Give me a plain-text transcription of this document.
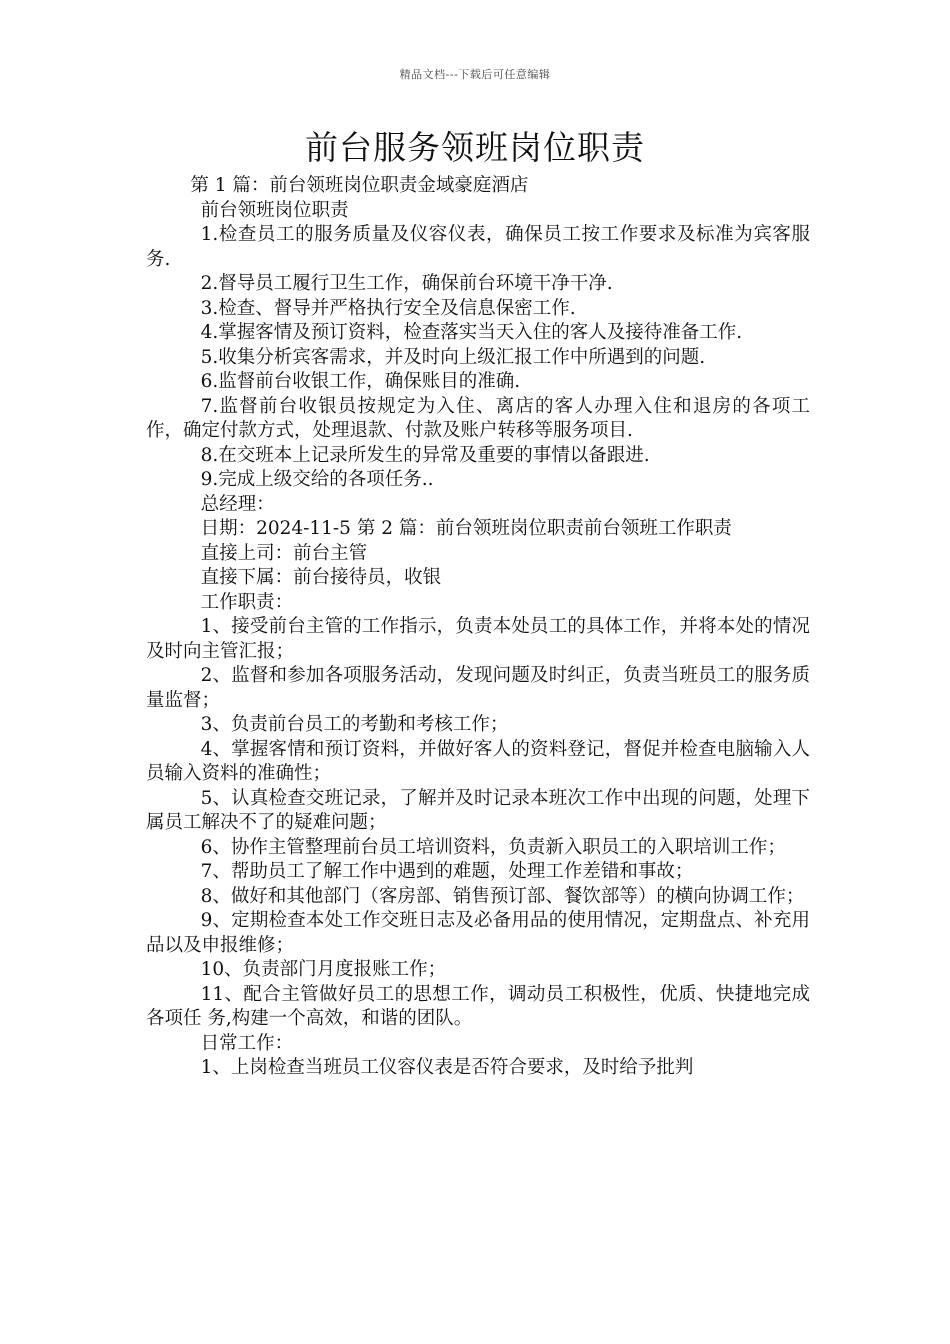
精品文档---下载后可任意编辑
前台服务领班岗位职责

第 1 篇：前台领班岗位职责金域豪庭酒店

前台领班岗位职责

1.检查员工的服务质量及仪容仪表，确保员工按工作要求及标准为宾客服务.

2.督导员工履行卫生工作，确保前台环境干净干净.

3.检查、督导并严格执行安全及信息保密工作.

4.掌握客情及预订资料，检查落实当天入住的客人及接待准备工作.

5.收集分析宾客需求，并及时向上级汇报工作中所遇到的问题.

6.监督前台收银工作，确保账目的准确.

7.监督前台收银员按规定为入住、离店的客人办理入住和退房的各项工作，确定付款方式，处理退款、付款及账户转移等服务项目.

8.在交班本上记录所发生的异常及重要的事情以备跟进.

9.完成上级交给的各项任务..

总经理：

日期：2024-11-5 第 2 篇：前台领班岗位职责前台领班工作职责

直接上司：前台主管

直接下属：前台接待员，收银

工作职责：

1、接受前台主管的工作指示，负责本处员工的具体工作，并将本处的情况及时向主管汇报；

2、监督和参加各项服务活动，发现问题及时纠正，负责当班员工的服务质量监督；

3、负责前台员工的考勤和考核工作；

4、掌握客情和预订资料，并做好客人的资料登记，督促并检查电脑输入人员输入资料的准确性；

5、认真检查交班记录，了解并及时记录本班次工作中出现的问题，处理下属员工解决不了的疑难问题；

6、协作主管整理前台员工培训资料，负责新入职员工的入职培训工作；

7、帮助员工了解工作中遇到的难题，处理工作差错和事故；

8、做好和其他部门（客房部、销售预订部、餐饮部等）的横向协调工作；

9、定期检查本处工作交班日志及必备用品的使用情况，定期盘点、补充用品以及申报维修；

10、负责部门月度报账工作；

11、配合主管做好员工的思想工作，调动员工积极性，优质、快捷地完成各项任 务,构建一个高效，和谐的团队。

日常工作：

1、上岗检查当班员工仪容仪表是否符合要求，及时给予批判
